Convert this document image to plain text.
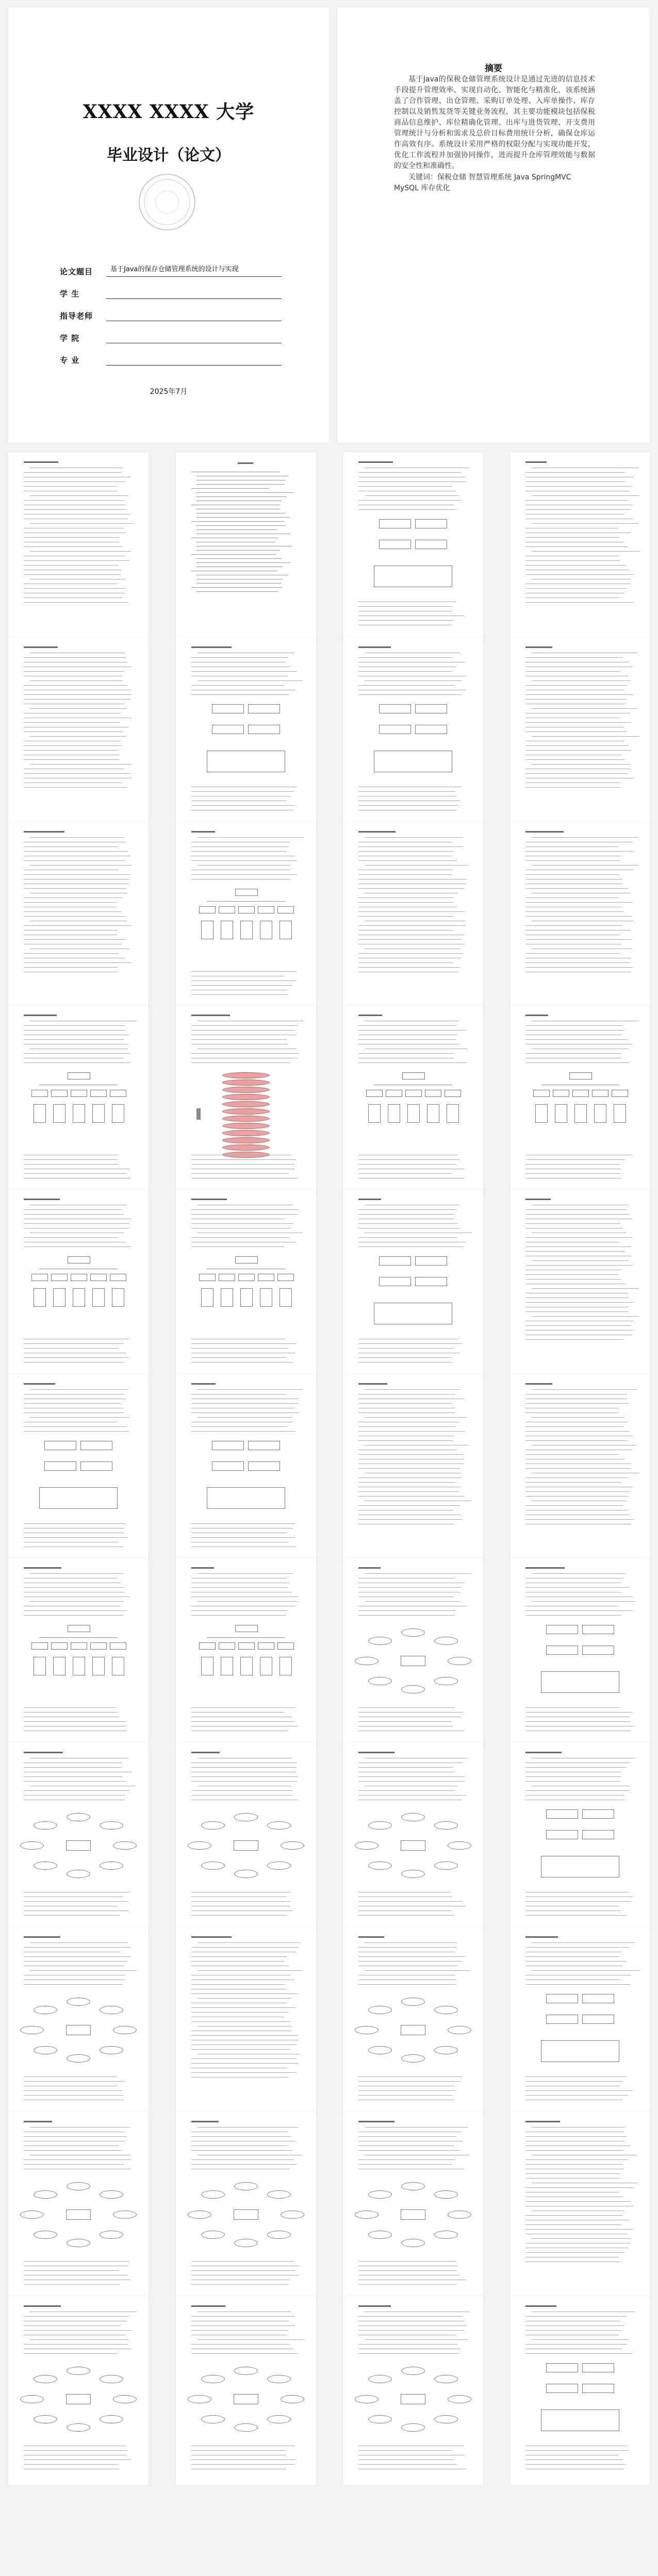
XXXX XXXX 大学
毕业设计（论文）
论文题目	基于Java的保存仓储管理系统的设计与实现
学 生
指导老师
学 院
专 业
2025年7月
摘要
基于Java的保税仓储管理系统设计是通过先进的信息技术手段提升管理效率、实现自动化、智能化与精准化，该系统涵盖了合作管理、出仓管理、采购订单处理、入库单操作、库存控制以及销售发货等关键业务流程，其主要功能模块包括保税商品信息维护、库位精确化管理、出库与进货管理、开支费用管理统计与分析和需求及总价目标费用统计分析，确保仓库运作高效有序。系统设计采用严格的权限分配与实现功能开发，优化工作流程并加强协同操作，进而提升仓库管理效能与数据的安全性和准确性。
关键词：保税仓储 智慧管理系统 Java SpringMVC MySQL 库存优化
